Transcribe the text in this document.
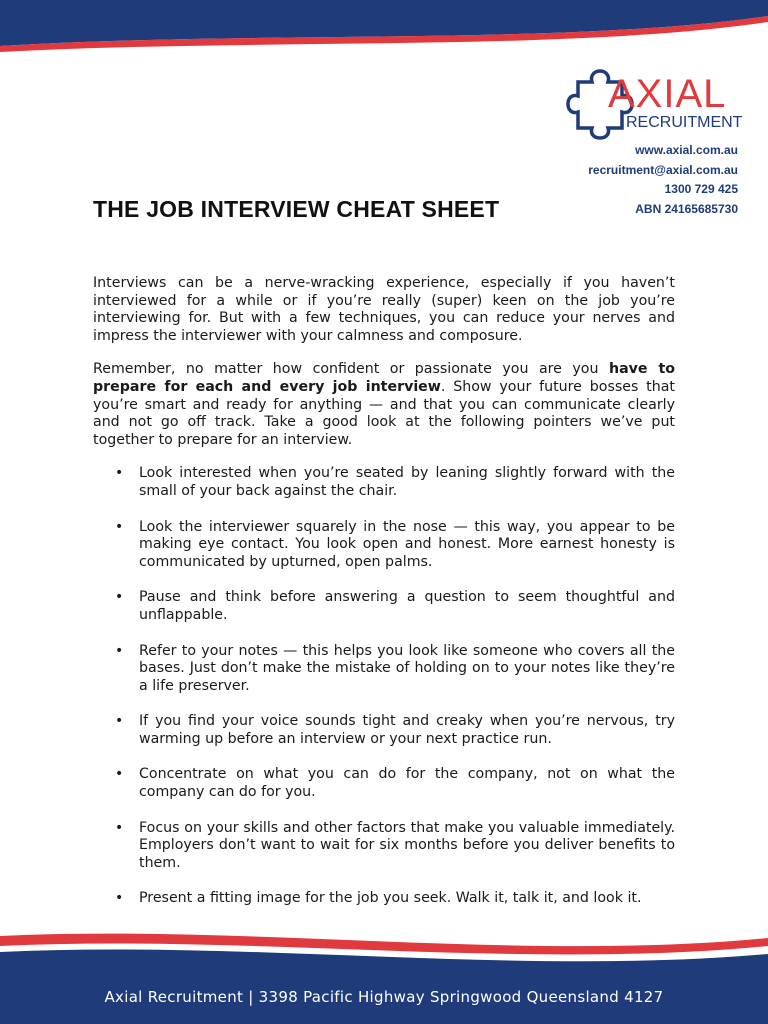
AXIAL
RECRUITMENT
www.axial.com.au
recruitment@axial.com.au
1300 729 425
ABN 24165685730
THE JOB INTERVIEW CHEAT SHEET

Interviews can be a nerve-wracking experience, especially if you haven’t interviewed for a while or if you’re really (super) keen on the job you’re interviewing for. But with a few techniques, you can reduce your nerves and impress the interviewer with your calmness and composure.

Remember, no matter how confident or passionate you are you have to prepare for each and every job interview. Show your future bosses that you’re smart and ready for anything — and that you can communicate clearly and not go off track. Take a good look at the following pointers we’ve put together to prepare for an interview.

• Look interested when you’re seated by leaning slightly forward with the small of your back against the chair.
• Look the interviewer squarely in the nose — this way, you appear to be making eye contact. You look open and honest. More earnest honesty is communicated by upturned, open palms.
• Pause and think before answering a question to seem thoughtful and unflappable.
• Refer to your notes — this helps you look like someone who covers all the bases. Just don’t make the mistake of holding on to your notes like they’re a life preserver.
• If you find your voice sounds tight and creaky when you’re nervous, try warming up before an interview or your next practice run.
• Concentrate on what you can do for the company, not on what the company can do for you.
• Focus on your skills and other factors that make you valuable immediately. Employers don’t want to wait for six months before you deliver benefits to them.
• Present a fitting image for the job you seek. Walk it, talk it, and look it.
Axial Recruitment | 3398 Pacific Highway Springwood Queensland 4127
